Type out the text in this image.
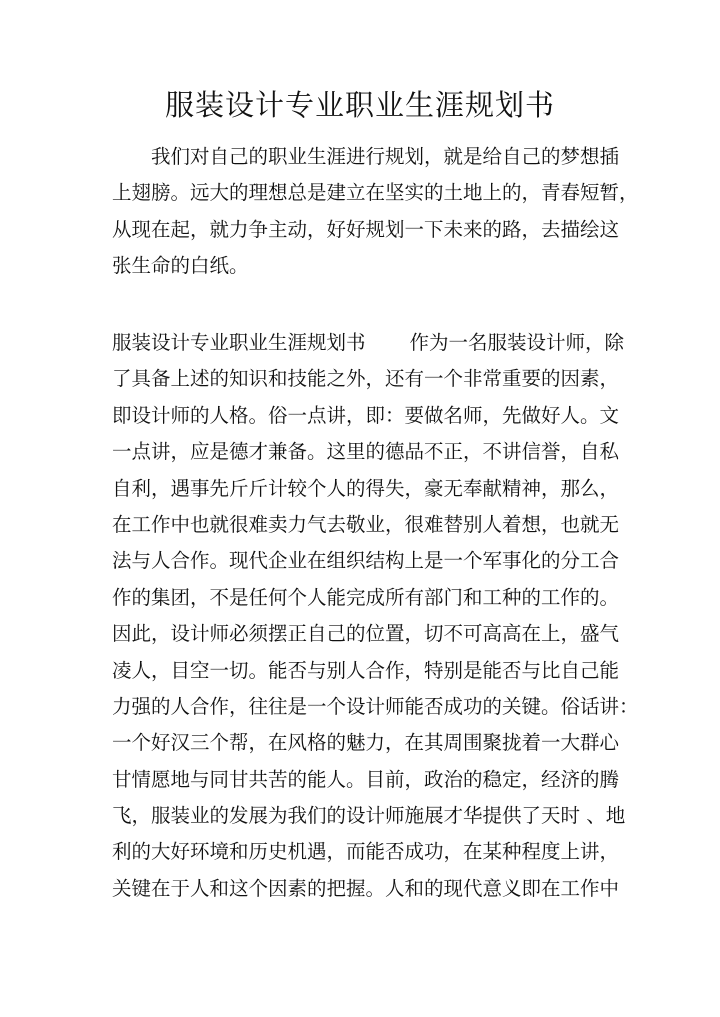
服装设计专业职业生涯规划书
我们对自己的职业生涯进行规划，就是给自己的梦想插
上翅膀。远大的理想总是建立在坚实的土地上的，青春短暂，
从现在起，就力争主动，好好规划一下未来的路，去描绘这
张生命的白纸。
服装设计专业职业生涯规划书 作为一名服装设计师，除
了具备上述的知识和技能之外，还有一个非常重要的因素，
即设计师的人格。俗一点讲，即：要做名师，先做好人。文
一点讲，应是德才兼备。这里的德品不正，不讲信誉，自私
自利，遇事先斤斤计较个人的得失，豪无奉献精神，那么，
在工作中也就很难卖力气去敬业，很难替别人着想，也就无
法与人合作。现代企业在组织结构上是一个军事化的分工合
作的集团，不是任何个人能完成所有部门和工种的工作的。
因此，设计师必须摆正自己的位置，切不可高高在上，盛气
凌人，目空一切。能否与别人合作，特别是能否与比自己能
力强的人合作，往往是一个设计师能否成功的关键。俗话讲：
一个好汉三个帮，在风格的魅力，在其周围聚拢着一大群心
甘情愿地与同甘共苦的能人。目前，政治的稳定，经济的腾
飞，服装业的发展为我们的设计师施展才华提供了天时 、地
利的大好环境和历史机遇，而能否成功，在某种程度上讲，
关键在于人和这个因素的把握。人和的现代意义即在工作中
